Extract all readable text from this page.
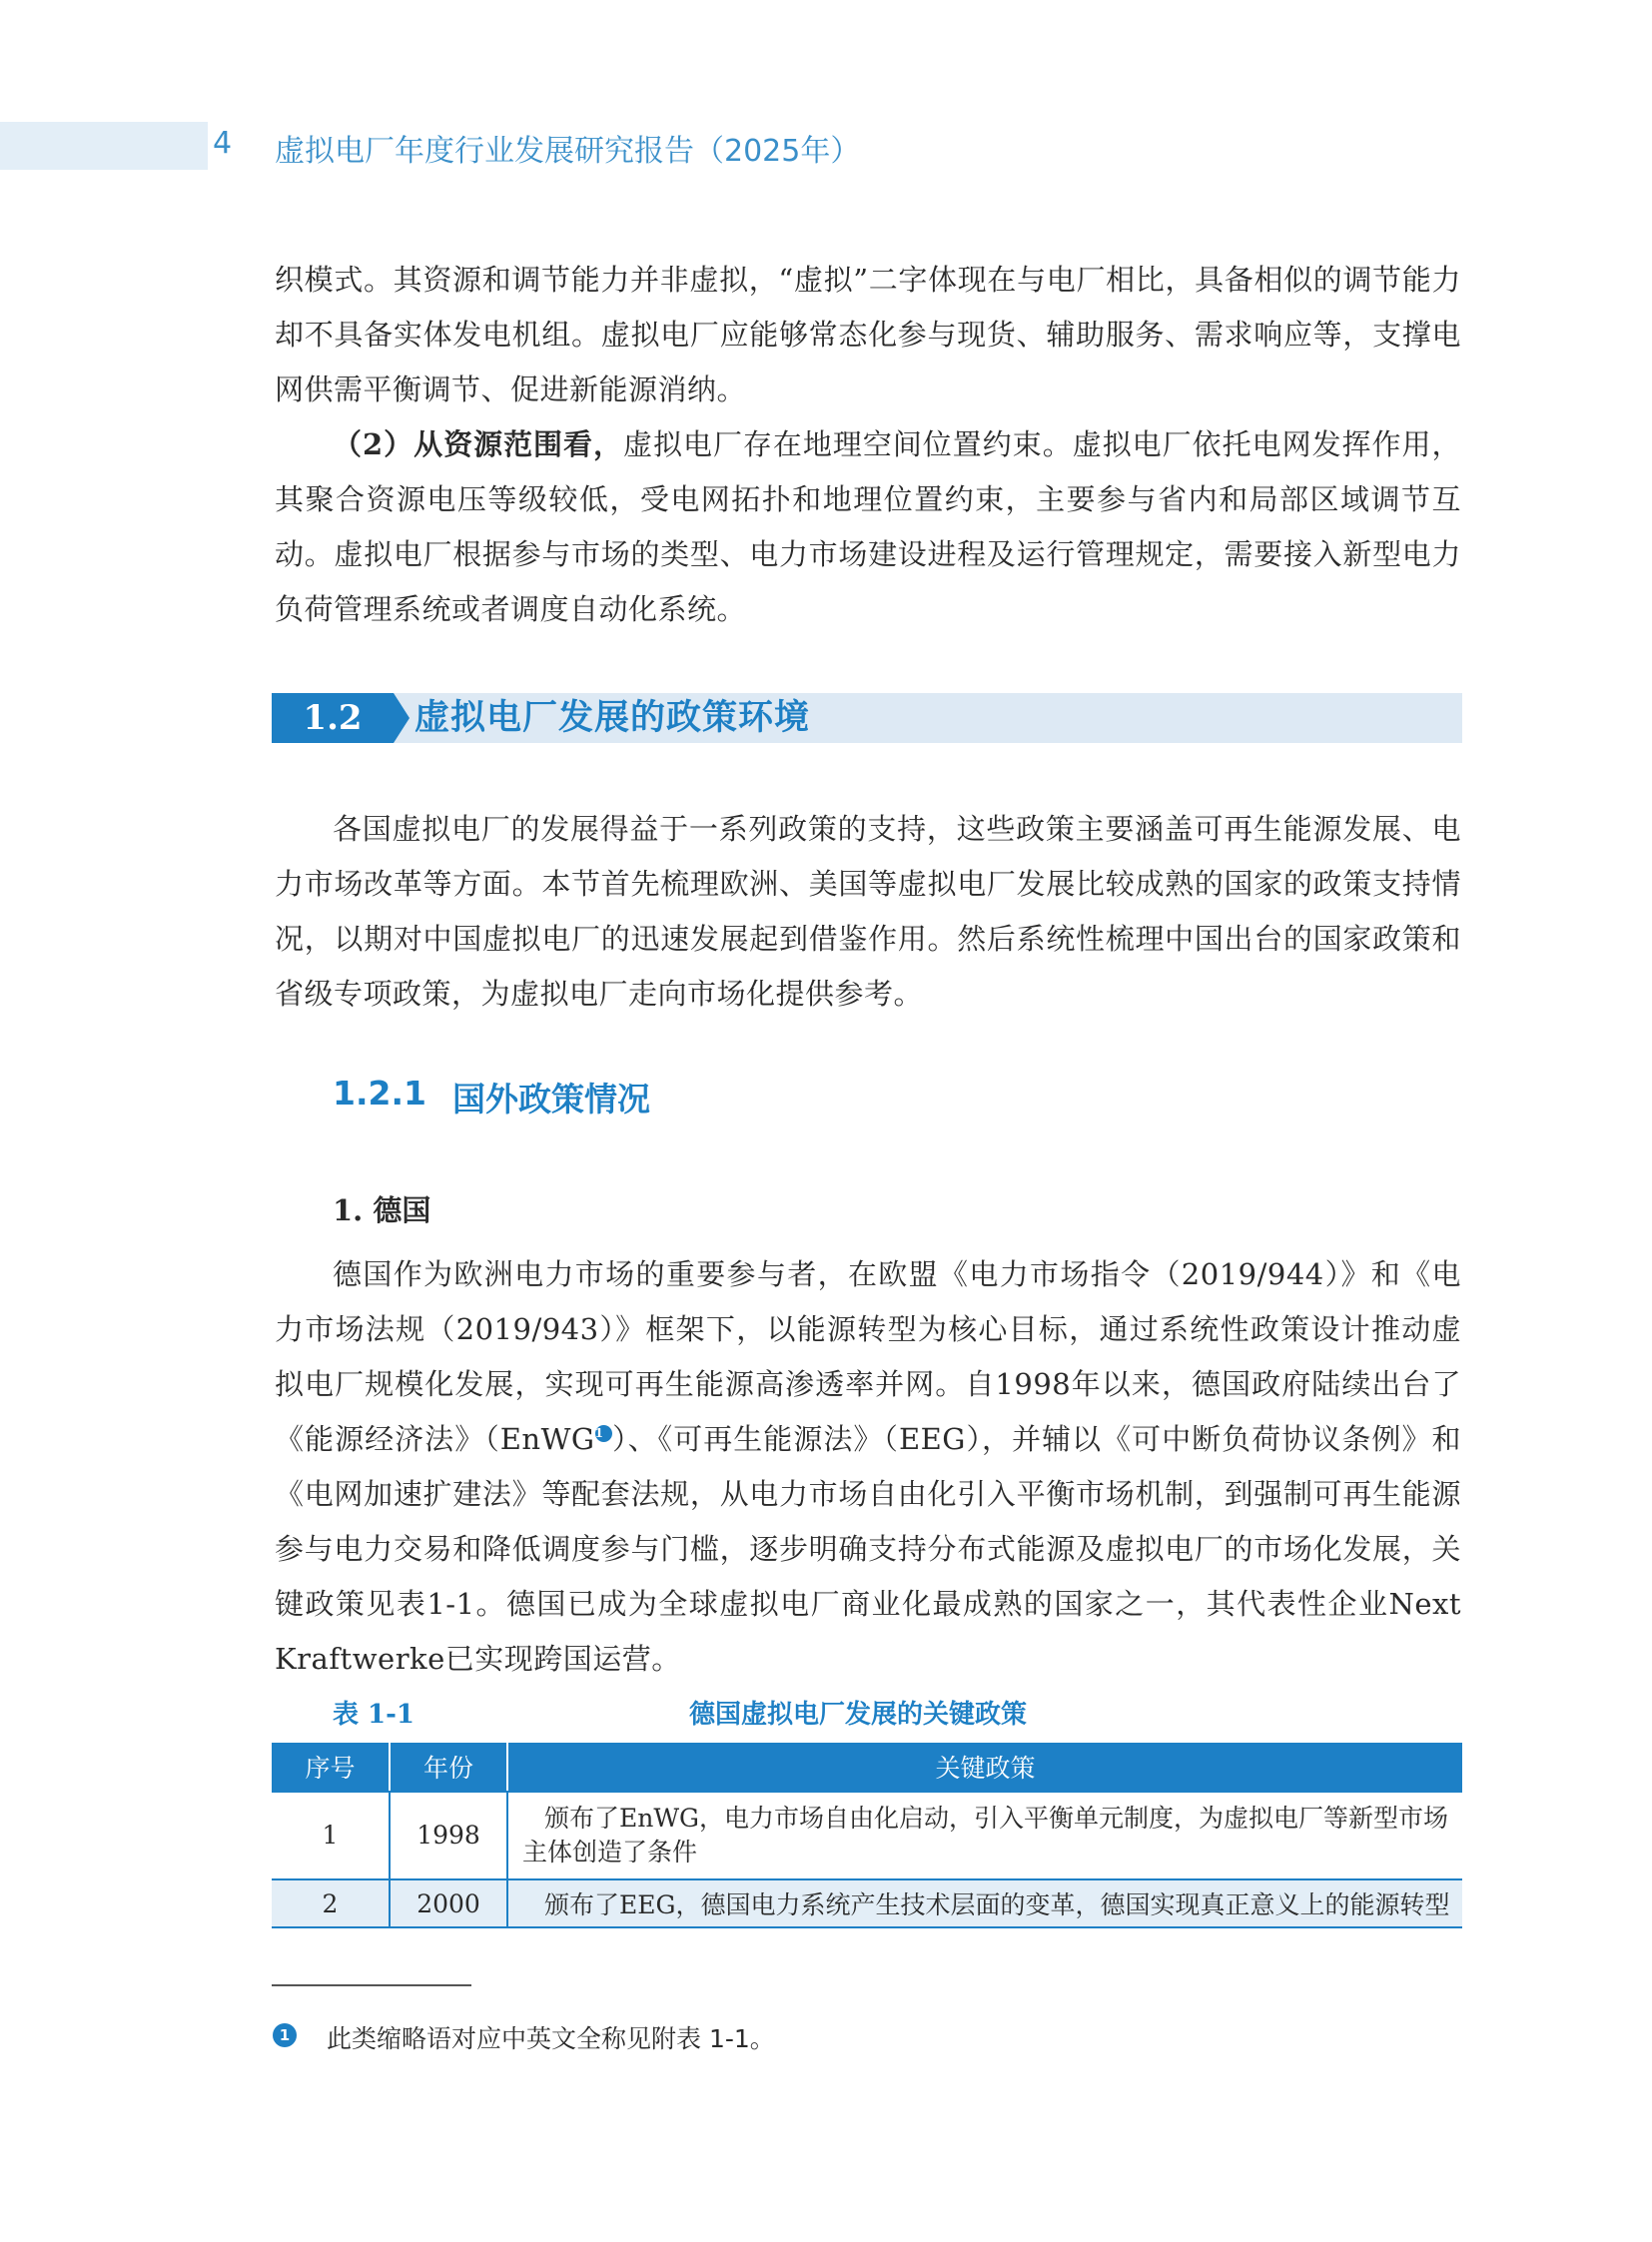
4 虚拟电厂年度行业发展研究报告（2025年）

织模式。其资源和调节能力并非虚拟，“虚拟”二字体现在与电厂相比，具备相似的调节能力却不具备实体发电机组。虚拟电厂应能够常态化参与现货、辅助服务、需求响应等，支撑电网供需平衡调节、促进新能源消纳。

（2）从资源范围看，虚拟电厂存在地理空间位置约束。虚拟电厂依托电网发挥作用，其聚合资源电压等级较低，受电网拓扑和地理位置约束，主要参与省内和局部区域调节互动。虚拟电厂根据参与市场的类型、电力市场建设进程及运行管理规定，需要接入新型电力负荷管理系统或者调度自动化系统。

1.2	虚拟电厂发展的政策环境

各国虚拟电厂的发展得益于一系列政策的支持，这些政策主要涵盖可再生能源发展、电力市场改革等方面。本节首先梳理欧洲、美国等虚拟电厂发展比较成熟的国家的政策支持情况，以期对中国虚拟电厂的迅速发展起到借鉴作用。然后系统性梳理中国出台的国家政策和省级专项政策，为虚拟电厂走向市场化提供参考。

1.2.1 国外政策情况
1. 德国

德国作为欧洲电力市场的重要参与者，在欧盟《电力市场指令（2019/944）》和《电力市场法规（2019/943）》框架下，以能源转型为核心目标，通过系统性政策设计推动虚拟电厂规模化发展，实现可再生能源高渗透率并网。自1998年以来，德国政府陆续出台了《能源经济法》（EnWG$^1$ ）、《可再生能源法》（EEG），并辅以《可中断负荷协议条例》和《电网加速扩建法》等配套法规，从电力市场自由化引入平衡市场机制，到强制可再生能源参与电力交易和降低调度参与门槛，逐步明确支持分布式能源及虚拟电厂的市场化发展，关键政策见表1-1。德国已成为全球虚拟电厂商业化最成熟的国家之一，其代表性企业Next Kraftwerke已实现跨国运营。

表 1-1	德国虚拟电厂发展的关键政策
序号	年份	关键政策
1	1998	颁布了EnWG，电力市场自由化启动，引入平衡单元制度，为虚拟电厂等新型市场主体创造了条件

2	2000	颁布了EEG，德国电力系统产生技术层面的变革，德国实现真正意义上的能源转型
1 此类缩略语对应中英文全称见附表 1-1。
